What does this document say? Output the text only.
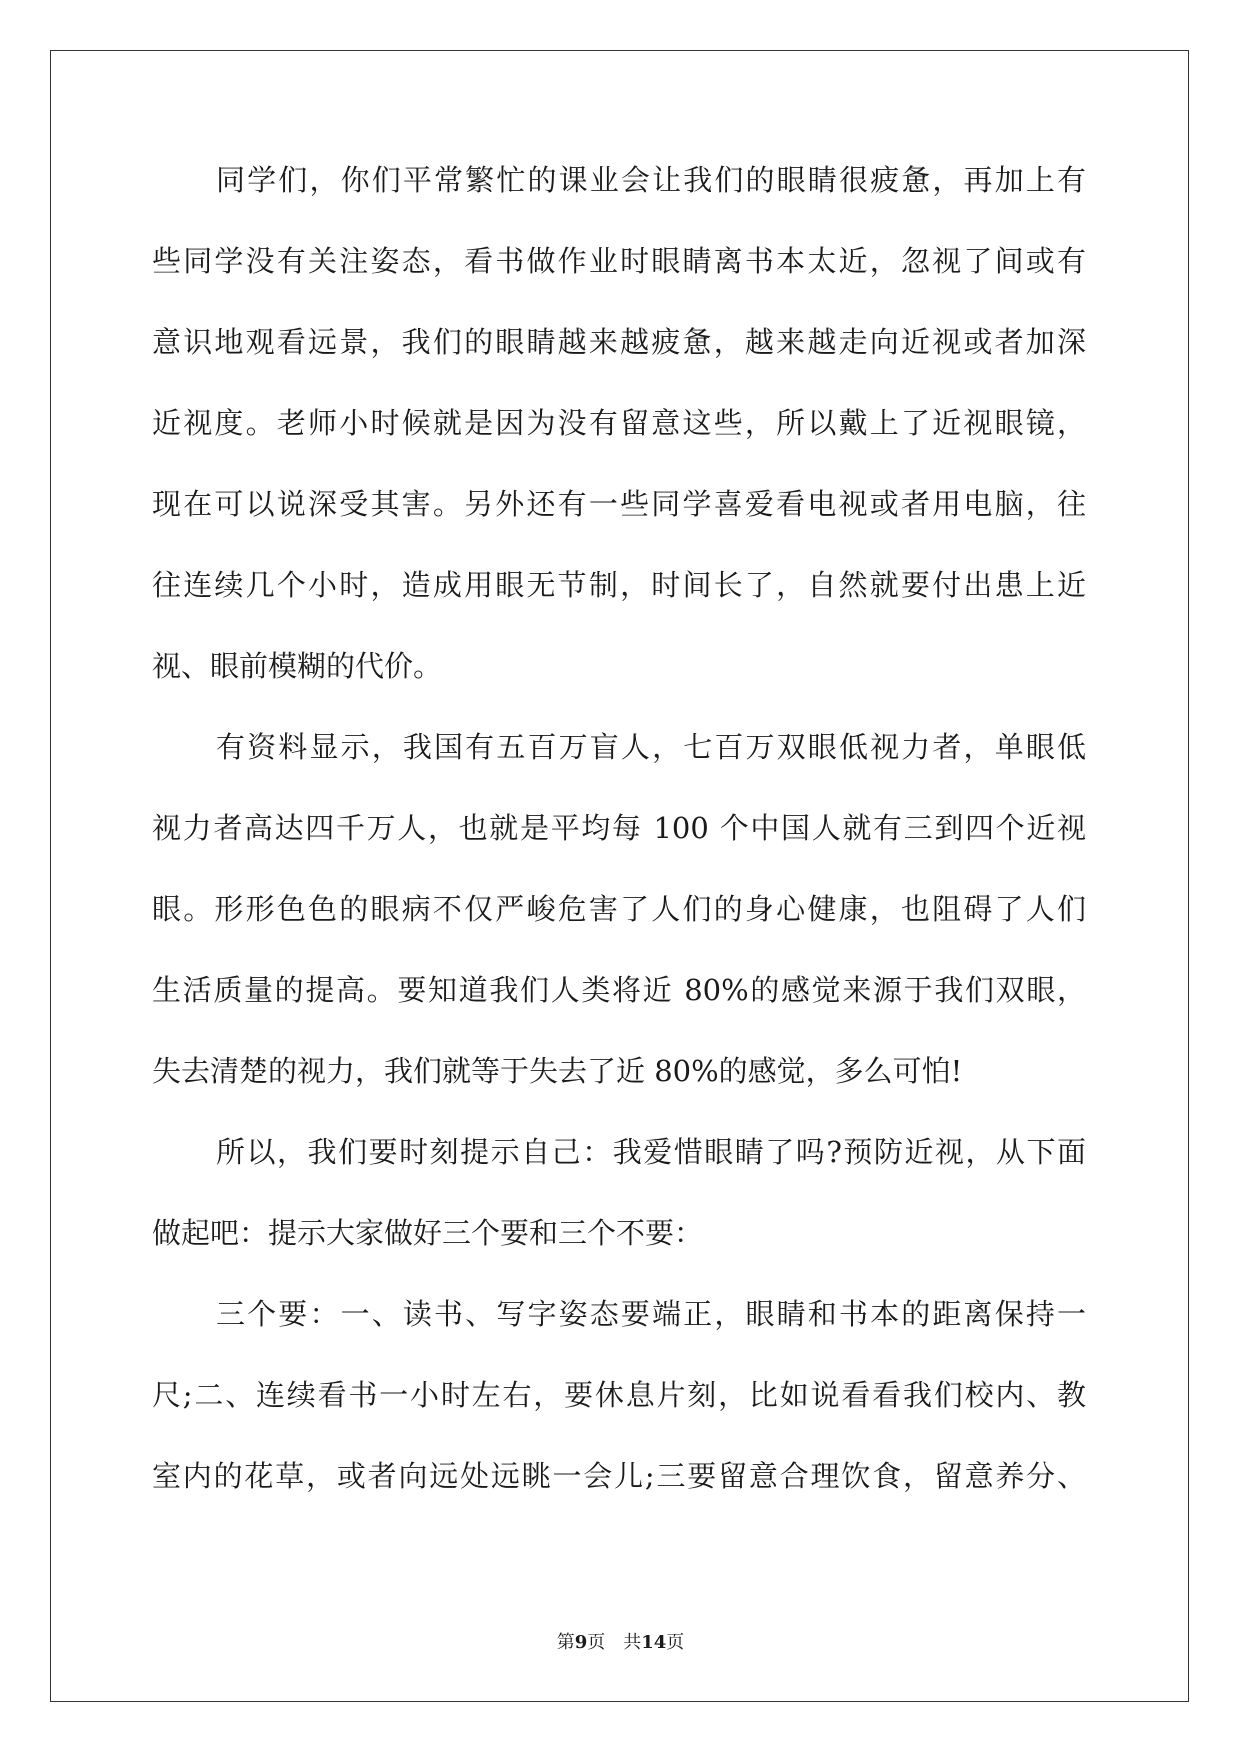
同学们，你们平常繁忙的课业会让我们的眼睛很疲惫，再加上有
些同学没有关注姿态，看书做作业时眼睛离书本太近，忽视了间或有
意识地观看远景，我们的眼睛越来越疲惫，越来越走向近视或者加深
近视度。老师小时候就是因为没有留意这些，所以戴上了近视眼镜，
现在可以说深受其害。另外还有一些同学喜爱看电视或者用电脑，往
往连续几个小时，造成用眼无节制，时间长了，自然就要付出患上近
视、眼前模糊的代价。
有资料显示，我国有五百万盲人，七百万双眼低视力者，单眼低
视力者高达四千万人，也就是平均每 100 个中国人就有三到四个近视
眼。形形色色的眼病不仅严峻危害了人们的身心健康，也阻碍了人们
生活质量的提高。要知道我们人类将近 80%的感觉来源于我们双眼，
失去清楚的视力，我们就等于失去了近 80%的感觉，多么可怕!
所以，我们要时刻提示自己：我爱惜眼睛了吗?预防近视，从下面
做起吧：提示大家做好三个要和三个不要：
三个要：一、读书、写字姿态要端正，眼睛和书本的距离保持一
尺;二、连续看书一小时左右，要休息片刻，比如说看看我们校内、教
室内的花草，或者向远处远眺一会儿;三要留意合理饮食，留意养分、
第9页 共14页
